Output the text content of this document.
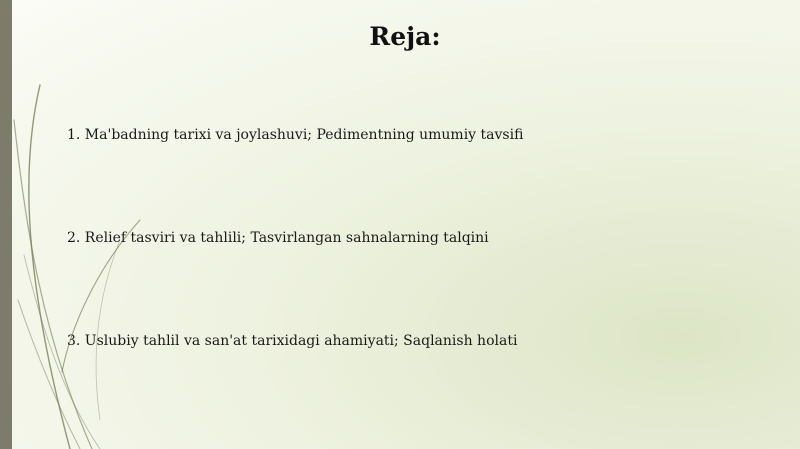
Reja:

1. Ma'badning tarixi va joylashuvi; Pedimentning umumiy tavsifi

2. Relief tasviri va tahlili; Tasvirlangan sahnalarning talqini

3. Uslubiy tahlil va san'at tarixidagi ahamiyati; Saqlanish holati
